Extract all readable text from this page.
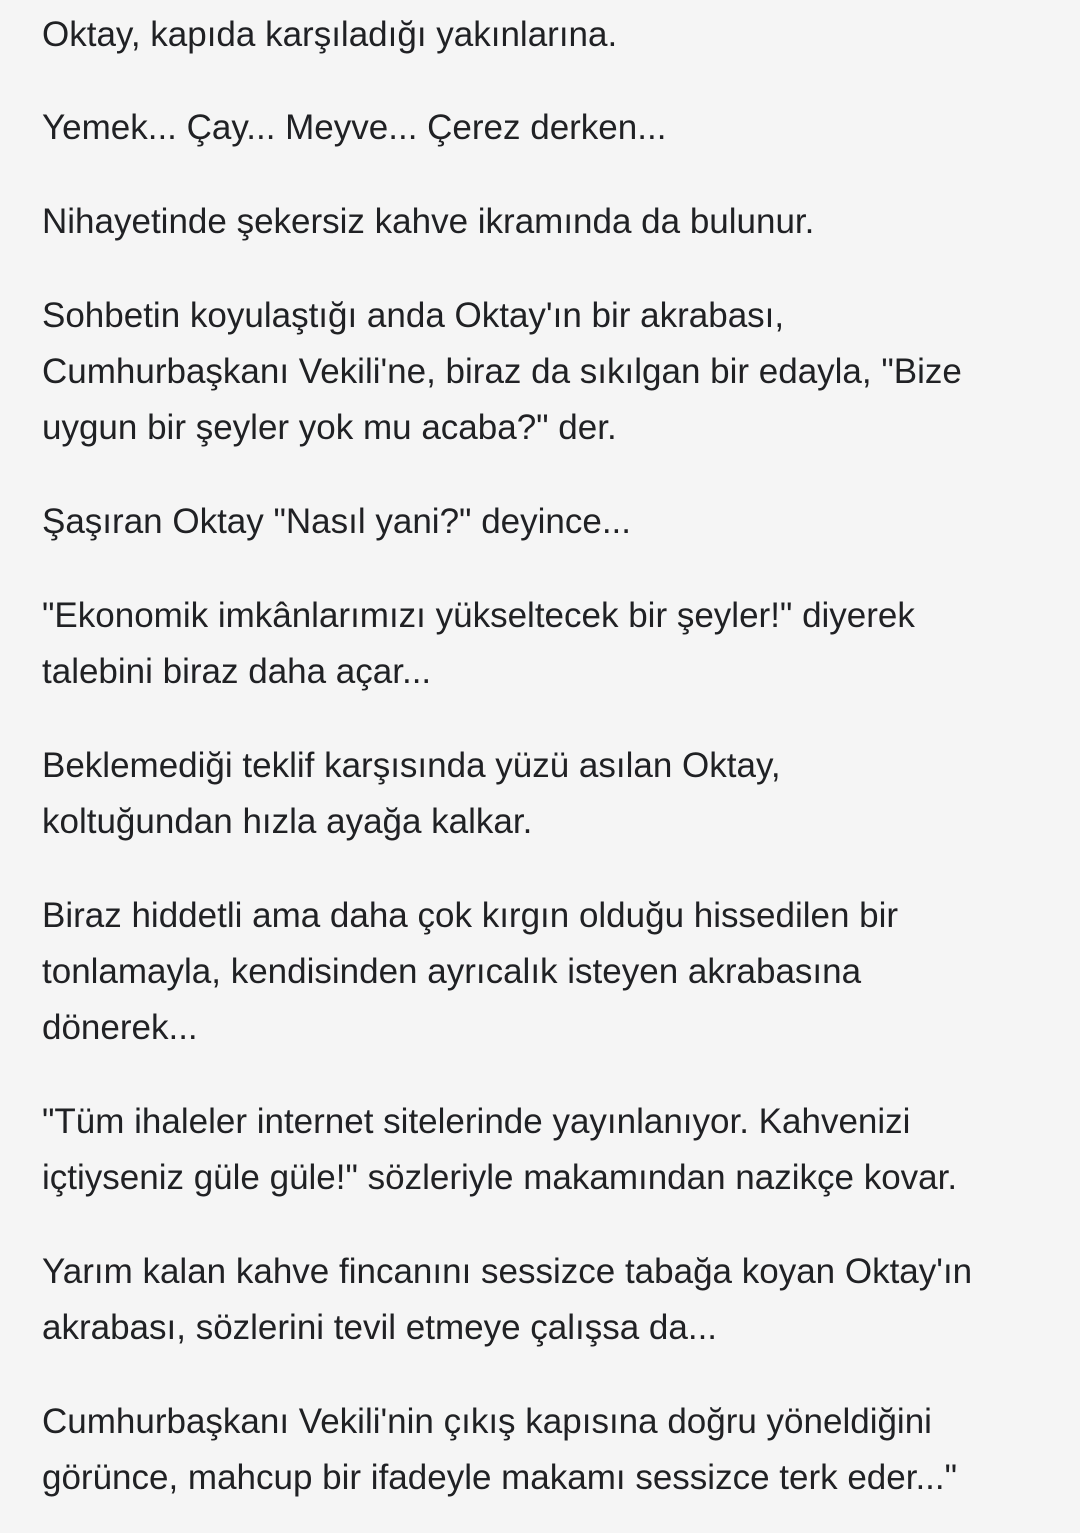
Oktay, kapıda karşıladığı yakınlarına.

Yemek... Çay... Meyve... Çerez derken...

Nihayetinde şekersiz kahve ikramında da bulunur.

Sohbetin koyulaştığı anda Oktay'ın bir akrabası,
Cumhurbaşkanı Vekili'ne, biraz da sıkılgan bir edayla, "Bize
uygun bir şeyler yok mu acaba?" der.

Şaşıran Oktay "Nasıl yani?" deyince...

"Ekonomik imkânlarımızı yükseltecek bir şeyler!" diyerek
talebini biraz daha açar...

Beklemediği teklif karşısında yüzü asılan Oktay,
koltuğundan hızla ayağa kalkar.

Biraz hiddetli ama daha çok kırgın olduğu hissedilen bir
tonlamayla, kendisinden ayrıcalık isteyen akrabasına
dönerek...

"Tüm ihaleler internet sitelerinde yayınlanıyor. Kahvenizi
içtiyseniz güle güle!" sözleriyle makamından nazikçe kovar.

Yarım kalan kahve fincanını sessizce tabağa koyan Oktay'ın
akrabası, sözlerini tevil etmeye çalışsa da...

Cumhurbaşkanı Vekili'nin çıkış kapısına doğru yöneldiğini
görünce, mahcup bir ifadeyle makamı sessizce terk eder..."
